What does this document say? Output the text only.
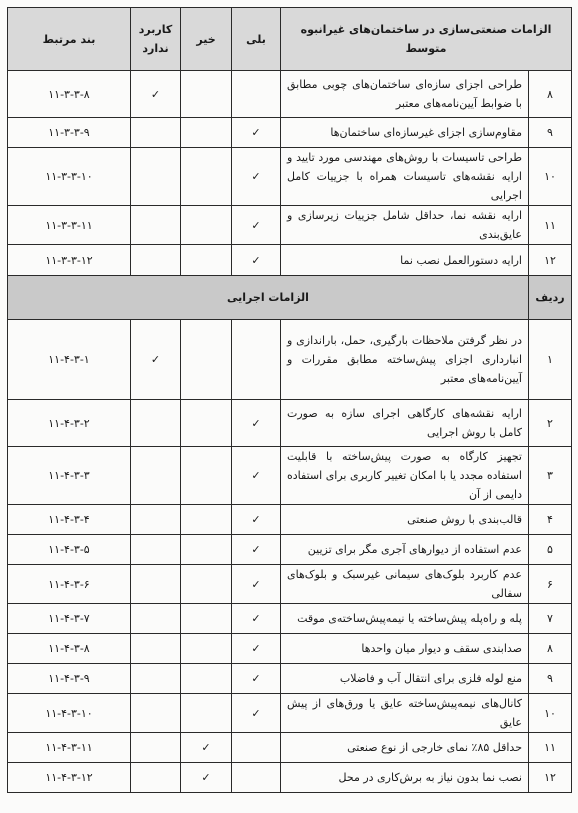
الزامات صنعتی‌سازی در ساختمان‌های غیرانبوه متوسط		بلی	خیر	کاربرد ندارد	بند مرتبط
۸	طراحی اجزای سازه‌ای ساختمان‌های چوبی مطابق با ضوابط آیین‌نامه‌های معتبر			✓	۱۱-۳-۳-۸
۹	مقاوم‌سازی اجزای غیرسازه‌ای ساختمان‌ها	✓			۱۱-۳-۳-۹
۱۰	طراحی تاسیسات با روش‌های مهندسی مورد تایید و ارایه نقشه‌های تاسیسات همراه با جزییات کامل اجرایی	✓			۱۱-۳-۳-۱۰
۱۱	ارایه نقشه نما، حداقل شامل جزییات زیرسازی و عایق‌بندی	✓			۱۱-۳-۳-۱۱
۱۲	ارایه دستورالعمل نصب نما	✓			۱۱-۳-۳-۱۲
ردیف	الزامات اجرایی				
۱	در نظر گرفتن ملاحظات بارگیری، حمل، باراندازی و انبارداری اجزای پیش‌ساخته مطابق مقررات و آیین‌نامه‌های معتبر			✓	۱۱-۴-۳-۱
۲	ارایه نقشه‌های کارگاهی اجرای سازه به صورت کامل با روش اجرایی	✓			۱۱-۴-۳-۲
۳	تجهیز کارگاه به صورت پیش‌ساخته با قابلیت استفاده مجدد یا با امکان تغییر کاربری برای استفاده دایمی از آن	✓			۱۱-۴-۳-۳
۴	قالب‌بندی با روش صنعتی	✓			۱۱-۴-۳-۴
۵	عدم استفاده از دیوارهای آجری مگر برای تزیین	✓			۱۱-۴-۳-۵
۶	عدم کاربرد بلوک‌های سیمانی غیرسبک و بلوک‌های سفالی	✓			۱۱-۴-۳-۶
۷	پله و راه‌پله پیش‌ساخته یا نیمه‌پیش‌ساخته‌ی موقت	✓			۱۱-۴-۳-۷
۸	صدابندی سقف و دیوار میان واحدها	✓			۱۱-۴-۳-۸
۹	منع لوله فلزی برای انتقال آب و فاضلاب	✓			۱۱-۴-۳-۹
۱۰	کانال‌های نیمه‌پیش‌ساخته عایق یا ورق‌های از پیش عایق	✓			۱۱-۴-۳-۱۰
۱۱	حداقل ۸۵٪ نمای خارجی از نوع صنعتی		✓		۱۱-۴-۳-۱۱
۱۲	نصب نما بدون نیاز به برش‌کاری در محل		✓		۱۱-۴-۳-۱۲
